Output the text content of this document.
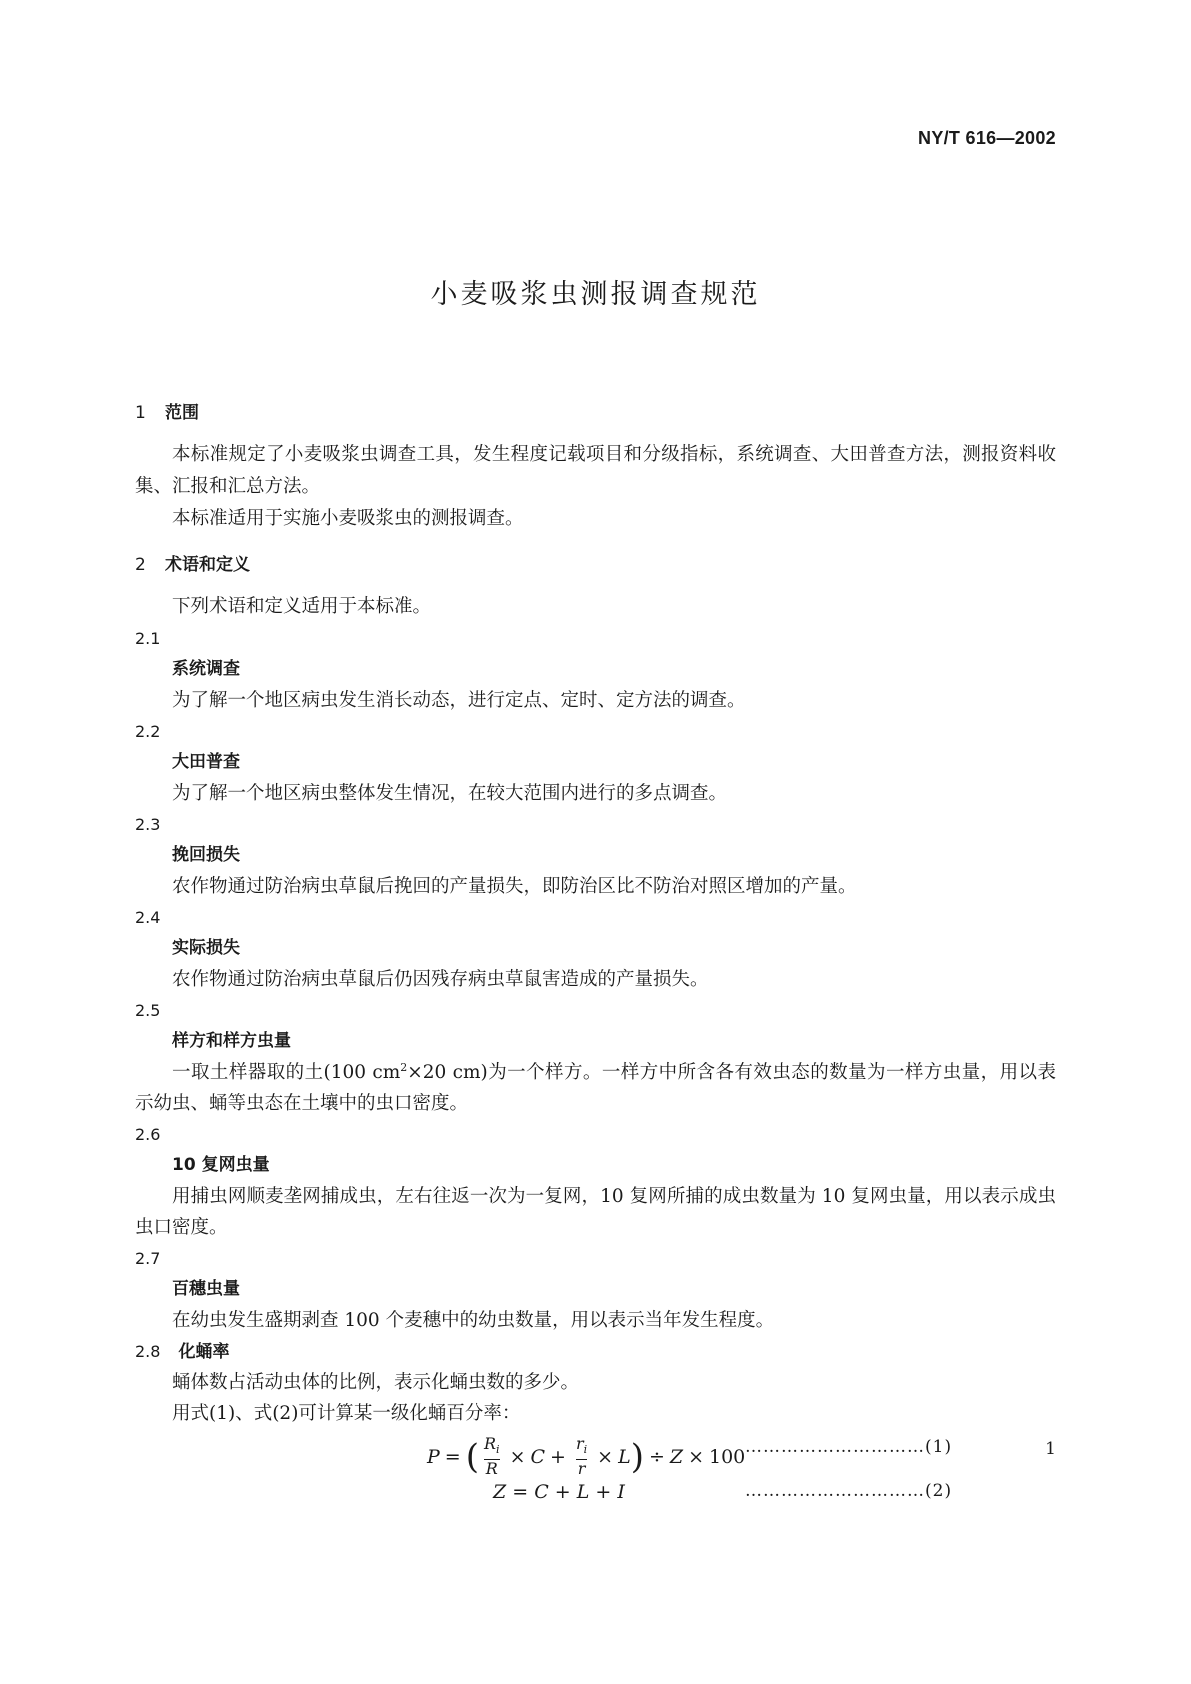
NY/T 616—2002
小麦吸浆虫测报调查规范
1 范围

本标准规定了小麦吸浆虫调查工具，发生程度记载项目和分级指标，系统调查、大田普查方法，测报资料收集、汇报和汇总方法。

本标准适用于实施小麦吸浆虫的测报调查。

2 术语和定义

下列术语和定义适用于本标准。

2.1
系统调查

为了解一个地区病虫发生消长动态，进行定点、定时、定方法的调查。

2.2
大田普查

为了解一个地区病虫整体发生情况，在较大范围内进行的多点调查。

2.3
挽回损失

农作物通过防治病虫草鼠后挽回的产量损失，即防治区比不防治对照区增加的产量。

2.4
实际损失

农作物通过防治病虫草鼠后仍因残存病虫草鼠害造成的产量损失。

2.5
样方和样方虫量

一取土样器取的土(100 $cm^2\times 20$ cm)为一个样方。一样方中所含各有效虫态的数量为一样方虫量，用以表示幼虫、蛹等虫态在土壤中的虫口密度。

2.6
10 复网虫量

用捕虫网顺麦垄网捕成虫，左右往返一次为一复网，10 复网所捕的成虫数量为 10 复网虫量，用以表示成虫虫口密度。

2.7
百穗虫量

在幼虫发生盛期剥查 100 个麦穗中的幼虫数量，用以表示当年发生程度。

2.8 化蛹率

蛹体数占活动虫体的比例，表示化蛹虫数的多少。

用式(1)、式(2)可计算某一级化蛹百分率：

P = ( $\frac{R_i}{R} \times C + \frac{r_i}{r} \times L$ ) ÷ Z × 100 …………………………(1)
Z = C + L + I	…………………………(2)
1
